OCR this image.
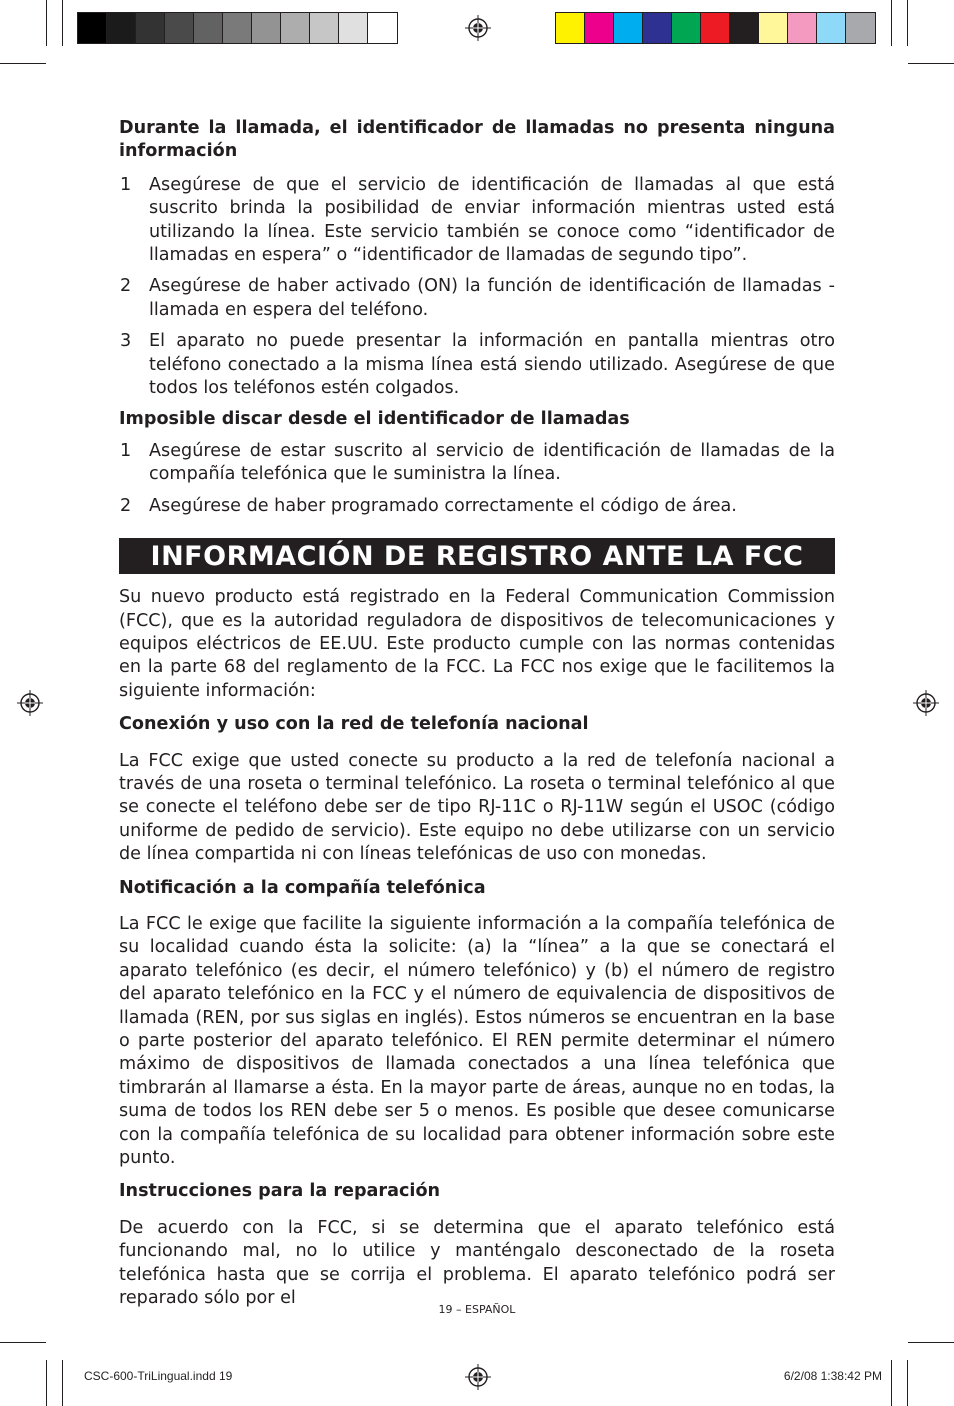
Durante la llamada, el identificador de llamadas no presenta ninguna información

1	Asegúrese de que el servicio de identificación de llamadas al que está suscrito brinda la posibilidad de enviar información mientras usted está utilizando la línea. Este servicio también se conoce como “identificador de llamadas en espera” o “identificador de llamadas de segundo tipo”.
2	Asegúrese de haber activado (ON) la función de identificación de llamadas - llamada en espera del teléfono.
3	El aparato no puede presentar la información en pantalla mientras otro teléfono conectado a la misma línea está siendo utilizado. Asegúrese de que todos los teléfonos estén colgados.

Imposible discar desde el identificador de llamadas

1	Asegúrese de estar suscrito al servicio de identificación de llamadas de la compañía telefónica que le suministra la línea.
2	Asegúrese de haber programado correctamente el código de área.
INFORMACIÓN DE REGISTRO ANTE LA FCC

Su nuevo producto está registrado en la Federal Communication Commission (FCC), que es la autoridad reguladora de dispositivos de telecomunicaciones y equipos eléctricos de EE.UU. Este producto cumple con las normas contenidas en la parte 68 del reglamento de la FCC. La FCC nos exige que le facilitemos la siguiente información:

Conexión y uso con la red de telefonía nacional

La FCC exige que usted conecte su producto a la red de telefonía nacional a través de una roseta o terminal telefónico. La roseta o terminal telefónico al que se conecte el teléfono debe ser de tipo RJ-11C o RJ-11W según el USOC (código uniforme de pedido de servicio). Este equipo no debe utilizarse con un servicio de línea compartida ni con líneas telefónicas de uso con monedas.

Notificación a la compañía telefónica

La FCC le exige que facilite la siguiente información a la compañía telefónica de su localidad cuando ésta la solicite: (a) la “línea” a la que se conectará el aparato telefónico (es decir, el número telefónico) y (b) el número de registro del aparato telefónico en la FCC y el número de equivalencia de dispositivos de llamada (REN, por sus siglas en inglés). Estos números se encuentran en la base o parte posterior del aparato telefónico. El REN permite determinar el número máximo de dispositivos de llamada conectados a una línea telefónica que timbrarán al llamarse a ésta. En la mayor parte de áreas, aunque no en todas, la suma de todos los REN debe ser 5 o menos. Es posible que desee comunicarse con la compañía telefónica de su localidad para obtener información sobre este punto.

Instrucciones para la reparación

De acuerdo con la FCC, si se determina que el aparato telefónico está funcionando mal, no lo utilice y manténgalo desconectado de la roseta telefónica hasta que se corrija el problema. El aparato telefónico podrá ser reparado sólo por el

19 – ESPAÑOL
CSC-600-TriLingual.indd 19	6/2/08 1:38:42 PM
